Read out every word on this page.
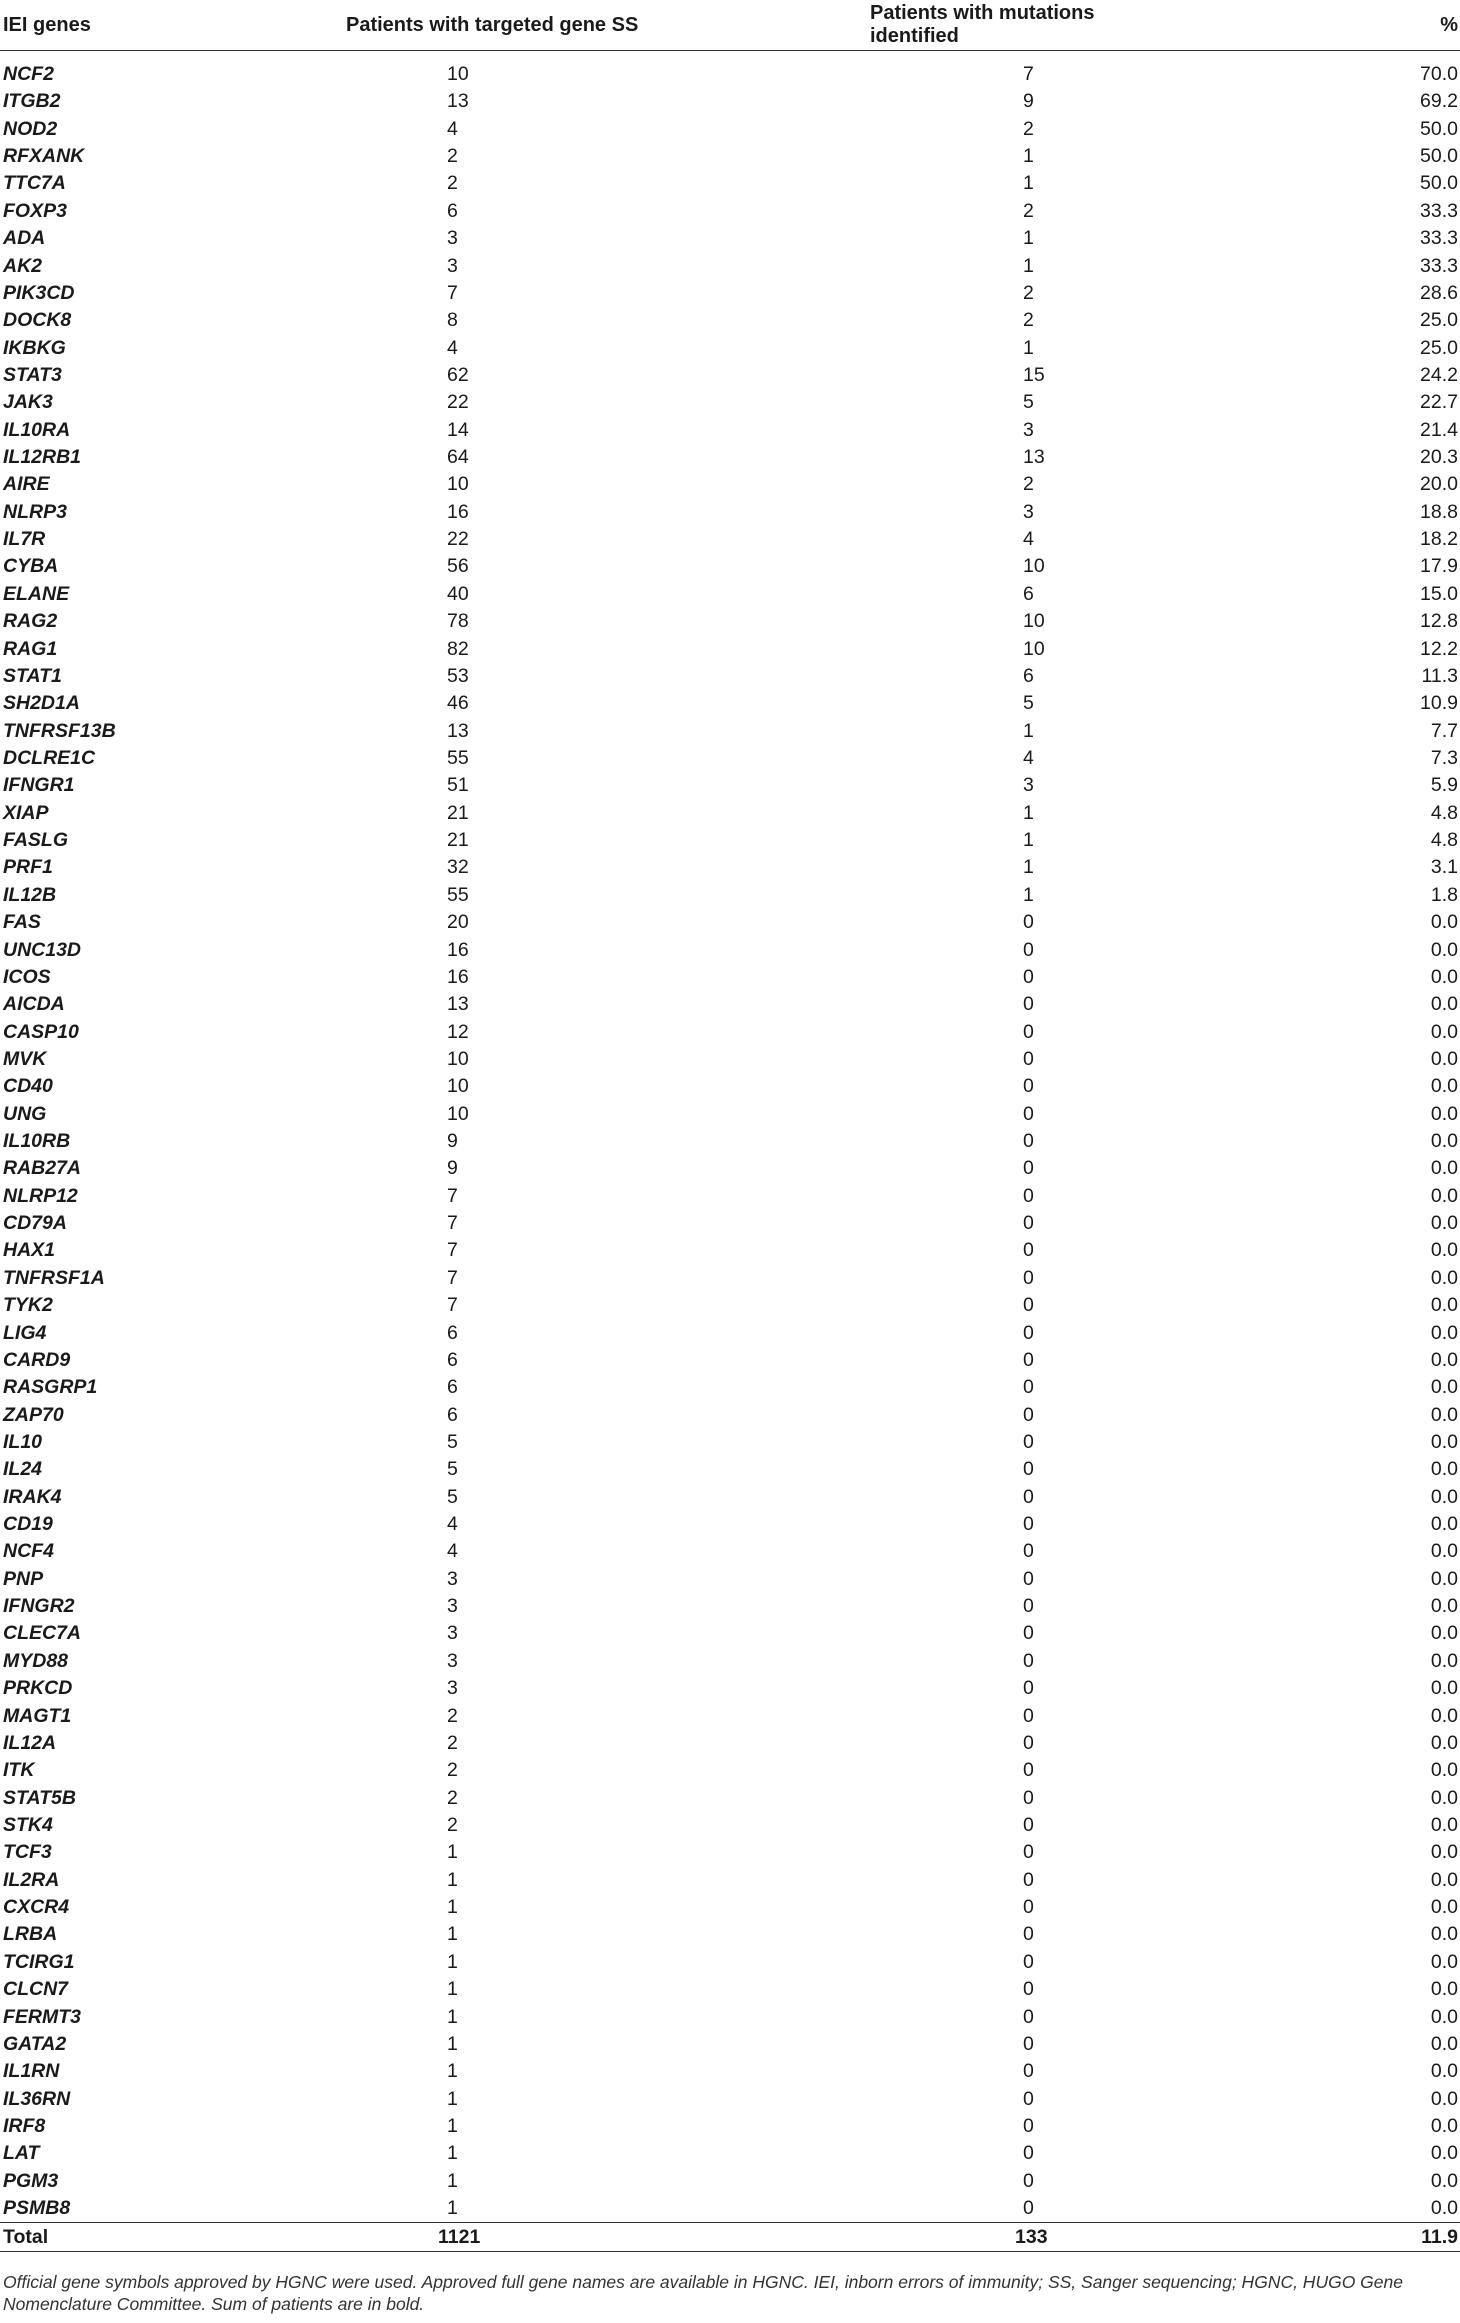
IEI genes	Patients with targeted gene SS	Patients with mutations identified	%

NCF2	10	7	70.0
ITGB2	13	9	69.2
NOD2	4	2	50.0
RFXANK	2	1	50.0
TTC7A	2	1	50.0
FOXP3	6	2	33.3
ADA	3	1	33.3
AK2	3	1	33.3
PIK3CD	7	2	28.6
DOCK8	8	2	25.0
IKBKG	4	1	25.0
STAT3	62	15	24.2
JAK3	22	5	22.7
IL10RA	14	3	21.4
IL12RB1	64	13	20.3
AIRE	10	2	20.0
NLRP3	16	3	18.8
IL7R	22	4	18.2
CYBA	56	10	17.9
ELANE	40	6	15.0
RAG2	78	10	12.8
RAG1	82	10	12.2
STAT1	53	6	11.3
SH2D1A	46	5	10.9
TNFRSF13B	13	1	7.7
DCLRE1C	55	4	7.3
IFNGR1	51	3	5.9
XIAP	21	1	4.8
FASLG	21	1	4.8
PRF1	32	1	3.1
IL12B	55	1	1.8
FAS	20	0	0.0
UNC13D	16	0	0.0
ICOS	16	0	0.0
AICDA	13	0	0.0
CASP10	12	0	0.0
MVK	10	0	0.0
CD40	10	0	0.0
UNG	10	0	0.0
IL10RB	9	0	0.0
RAB27A	9	0	0.0
NLRP12	7	0	0.0
CD79A	7	0	0.0
HAX1	7	0	0.0
TNFRSF1A	7	0	0.0
TYK2	7	0	0.0
LIG4	6	0	0.0
CARD9	6	0	0.0
RASGRP1	6	0	0.0
ZAP70	6	0	0.0
IL10	5	0	0.0
IL24	5	0	0.0
IRAK4	5	0	0.0
CD19	4	0	0.0
NCF4	4	0	0.0
PNP	3	0	0.0
IFNGR2	3	0	0.0
CLEC7A	3	0	0.0
MYD88	3	0	0.0
PRKCD	3	0	0.0
MAGT1	2	0	0.0
IL12A	2	0	0.0
ITK	2	0	0.0
STAT5B	2	0	0.0
STK4	2	0	0.0
TCF3	1	0	0.0
IL2RA	1	0	0.0
CXCR4	1	0	0.0
LRBA	1	0	0.0
TCIRG1	1	0	0.0
CLCN7	1	0	0.0
FERMT3	1	0	0.0
GATA2	1	0	0.0
IL1RN	1	0	0.0
IL36RN	1	0	0.0
IRF8	1	0	0.0
LAT	1	0	0.0
PGM3	1	0	0.0
PSMB8	1	0	0.0
Total	1121	133	11.9
Official gene symbols approved by HGNC were used. Approved full gene names are available in HGNC. IEI, inborn errors of immunity; SS, Sanger sequencing; HGNC, HUGO Gene Nomenclature Committee. Sum of patients are in bold.
